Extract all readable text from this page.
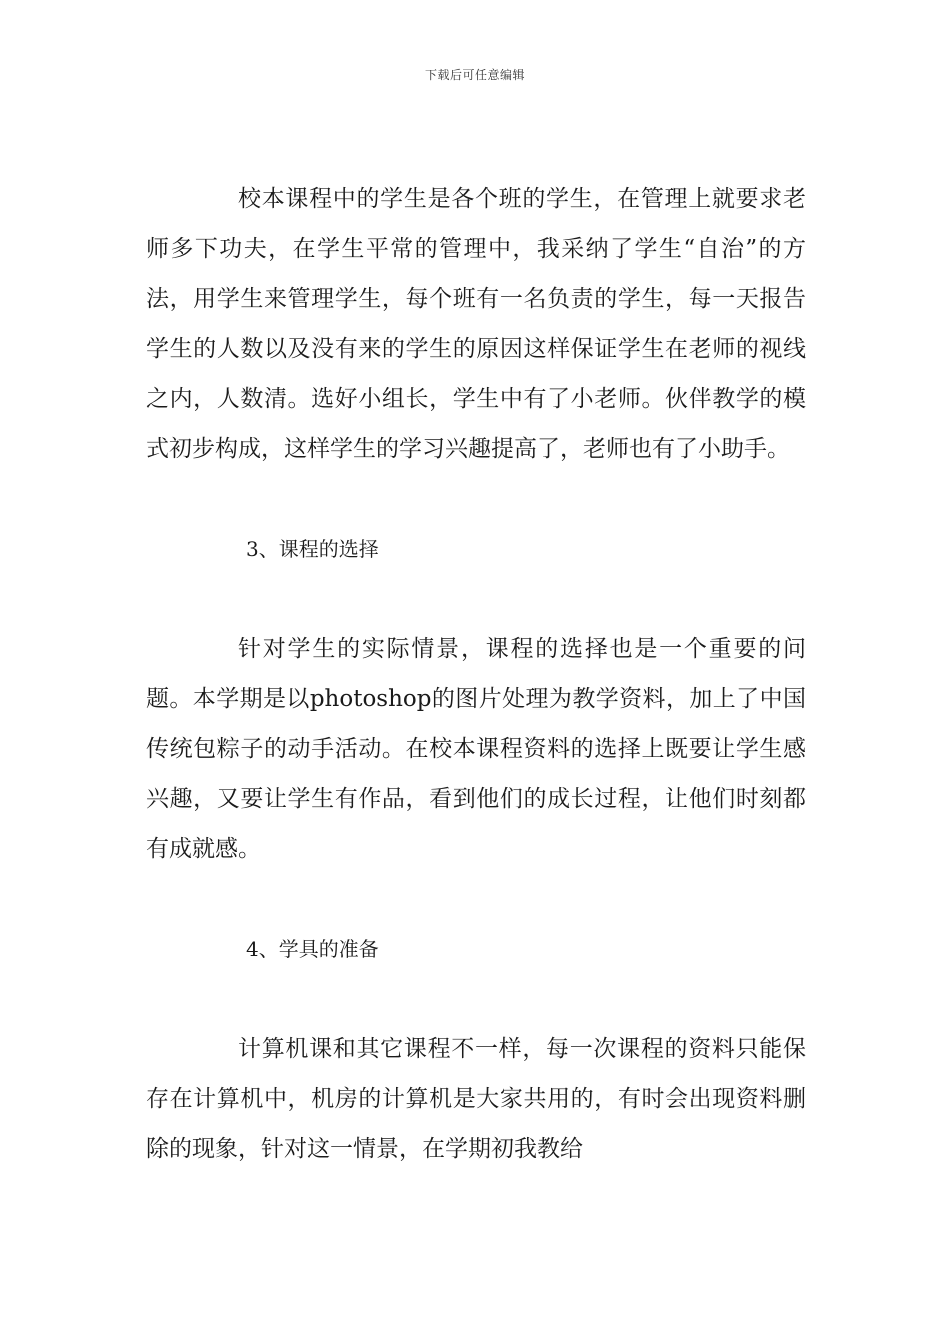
下载后可任意编辑

校本课程中的学生是各个班的学生，在管理上就要求老师多下功夫，在学生平常的管理中，我采纳了学生“自治”的方法，用学生来管理学生，每个班有一名负责的学生，每一天报告学生的人数以及没有来的学生的原因这样保证学生在老师的视线之内，人数清。选好小组长，学生中有了小老师。伙伴教学的模式初步构成，这样学生的学习兴趣提高了，老师也有了小助手。

3、课程的选择

针对学生的实际情景，课程的选择也是一个重要的问题。本学期是以photoshop的图片处理为教学资料，加上了中国传统包粽子的动手活动。在校本课程资料的选择上既要让学生感兴趣，又要让学生有作品，看到他们的成长过程，让他们时刻都有成就感。

4、学具的准备

计算机课和其它课程不一样，每一次课程的资料只能保存在计算机中，机房的计算机是大家共用的，有时会出现资料删除的现象，针对这一情景，在学期初我教给
